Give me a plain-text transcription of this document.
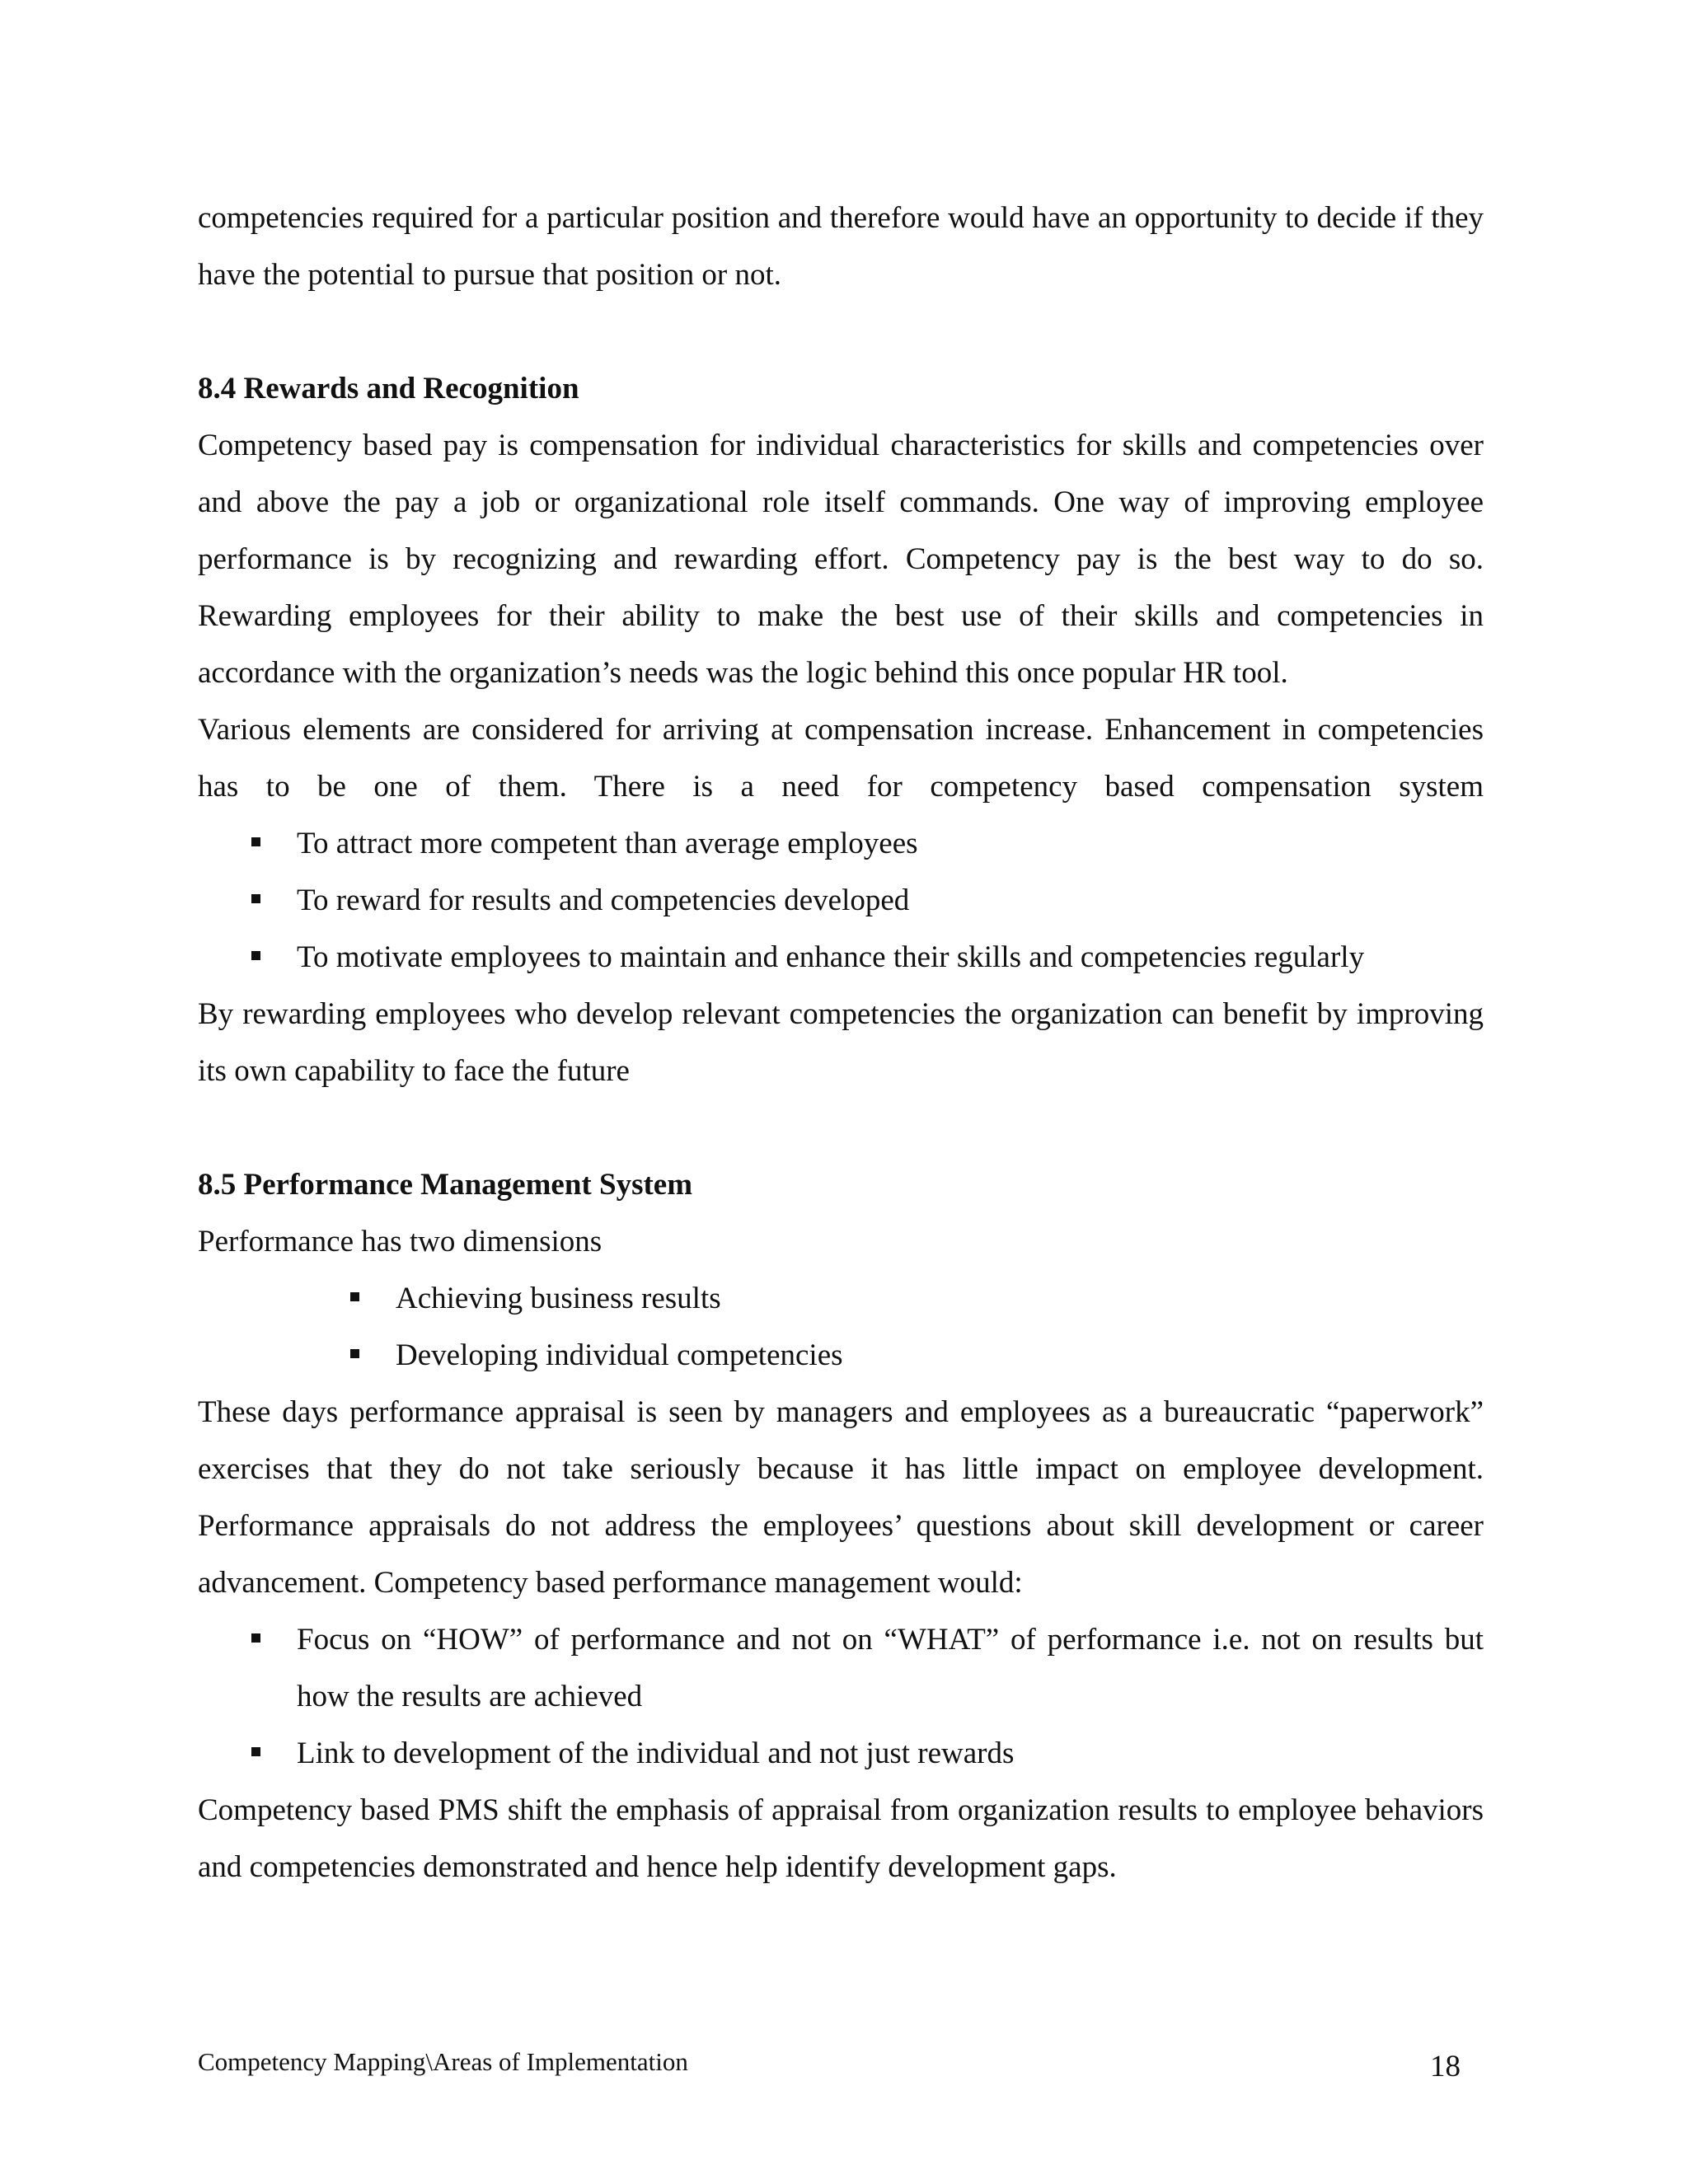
competencies required for a particular position and therefore would have an opportunity to decide if they have the potential to pursue that position or not.

8.4 Rewards and Recognition

Competency based pay is compensation for individual characteristics for skills and competencies over and above the pay a job or organizational role itself commands. One way of improving employee performance is by recognizing and rewarding effort. Competency pay is the best way to do so. Rewarding employees for their ability to make the best use of their skills and competencies in accordance with the organization’s needs was the logic behind this once popular HR tool.

Various elements are considered for arriving at compensation increase. Enhancement in competencies has to be one of them. There is a need for competency based compensation system

To attract more competent than average employees
To reward for results and competencies developed
To motivate employees to maintain and enhance their skills and competencies regularly

By rewarding employees who develop relevant competencies the organization can benefit by improving its own capability to face the future

8.5 Performance Management System

Performance has two dimensions

Achieving business results
Developing individual competencies

These days performance appraisal is seen by managers and employees as a bureaucratic “paperwork” exercises that they do not take seriously because it has little impact on employee development. Performance appraisals do not address the employees’ questions about skill development or career advancement. Competency based performance management would:

Focus on “HOW” of performance and not on “WHAT” of performance i.e. not on results but how the results are achieved
Link to development of the individual and not just rewards

Competency based PMS shift the emphasis of appraisal from organization results to employee behaviors and competencies demonstrated and hence help identify development gaps.

Competency Mapping\Areas of Implementation	18
